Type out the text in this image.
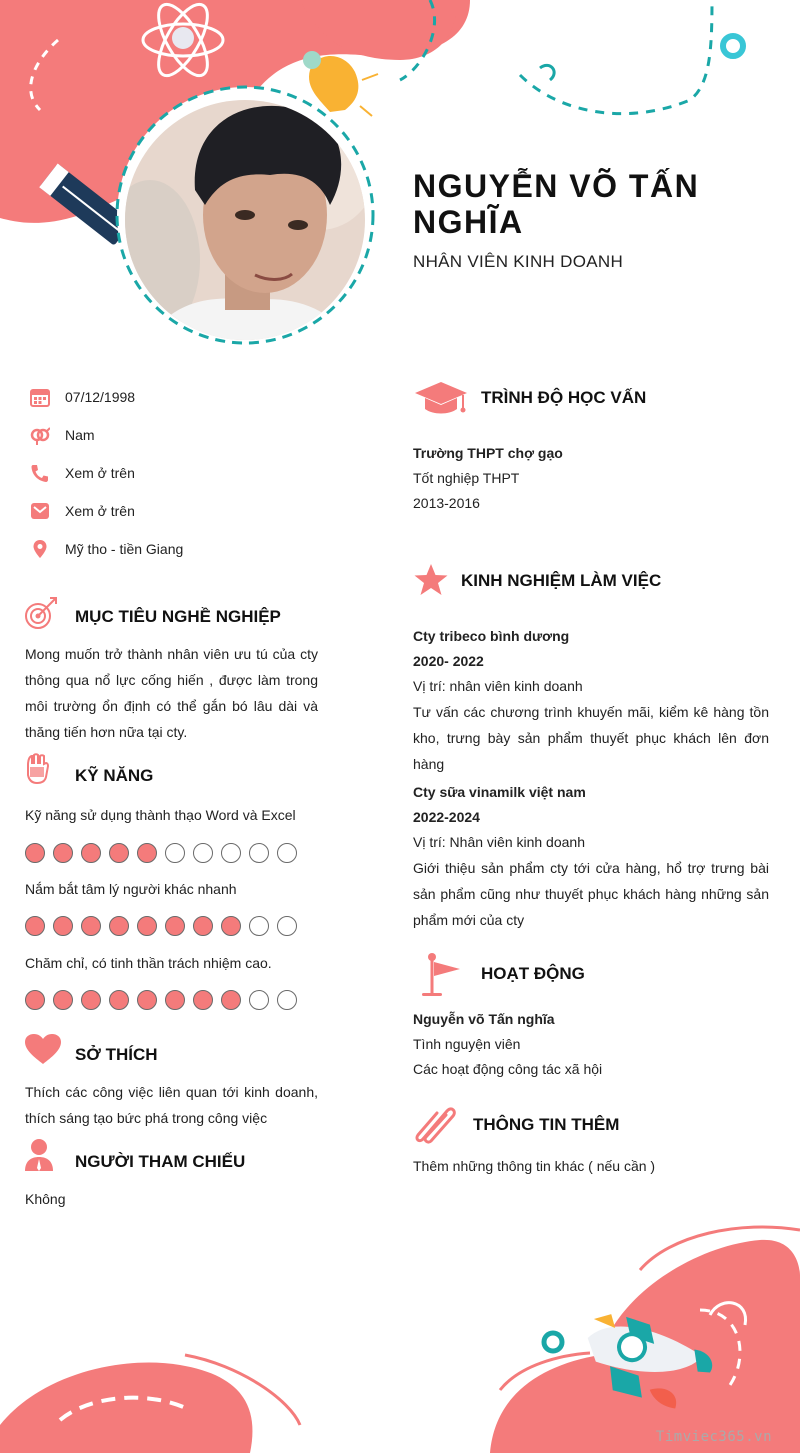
NGUYỄN VÕ TẤN NGHĨA
NHÂN VIÊN KINH DOANH
07/12/1998
Nam
Xem ở trên
Xem ở trên
Mỹ tho - tiền Giang
MỤC TIÊU NGHỀ NGHIỆP
Mong muốn trở thành nhân viên ưu tú của cty thông qua nổ lực cống hiến , được làm trong môi trường ổn định có thể gắn bó lâu dài và thăng tiến hơn nữa tại cty.
KỸ NĂNG
Kỹ năng sử dụng thành thạo Word và Excel
Nắm bắt tâm lý người khác nhanh
Chăm chỉ, có tinh thần trách nhiệm cao.
SỞ THÍCH
Thích các công việc liên quan tới kinh doanh, thích sáng tạo bức phá trong công việc
NGƯỜI THAM CHIẾU
Không
TRÌNH ĐỘ HỌC VẤN
Trường THPT chợ gạo
Tốt nghiệp THPT
2013-2016
KINH NGHIỆM LÀM VIỆC
Cty tribeco bình dương
2020- 2022
Vị trí: nhân viên kinh doanh
Tư vấn các chương trình khuyến mãi, kiểm kê hàng tồn kho, trưng bày sản phẩm thuyết phục khách lên đơn hàng
Cty sữa vinamilk việt nam
2022-2024
Vị trí: Nhân viên kinh doanh
Giới thiệu sản phẩm cty tới cửa hàng, hổ trợ trưng bài sản phẩm cũng như thuyết phục khách hàng những sản phẩm mới của cty
HOẠT ĐỘNG
Nguyễn võ Tấn nghĩa
Tình nguyện viên
Các hoạt động công tác xã hội
THÔNG TIN THÊM
Thêm những thông tin khác ( nếu cần )
Timviec365.vn
